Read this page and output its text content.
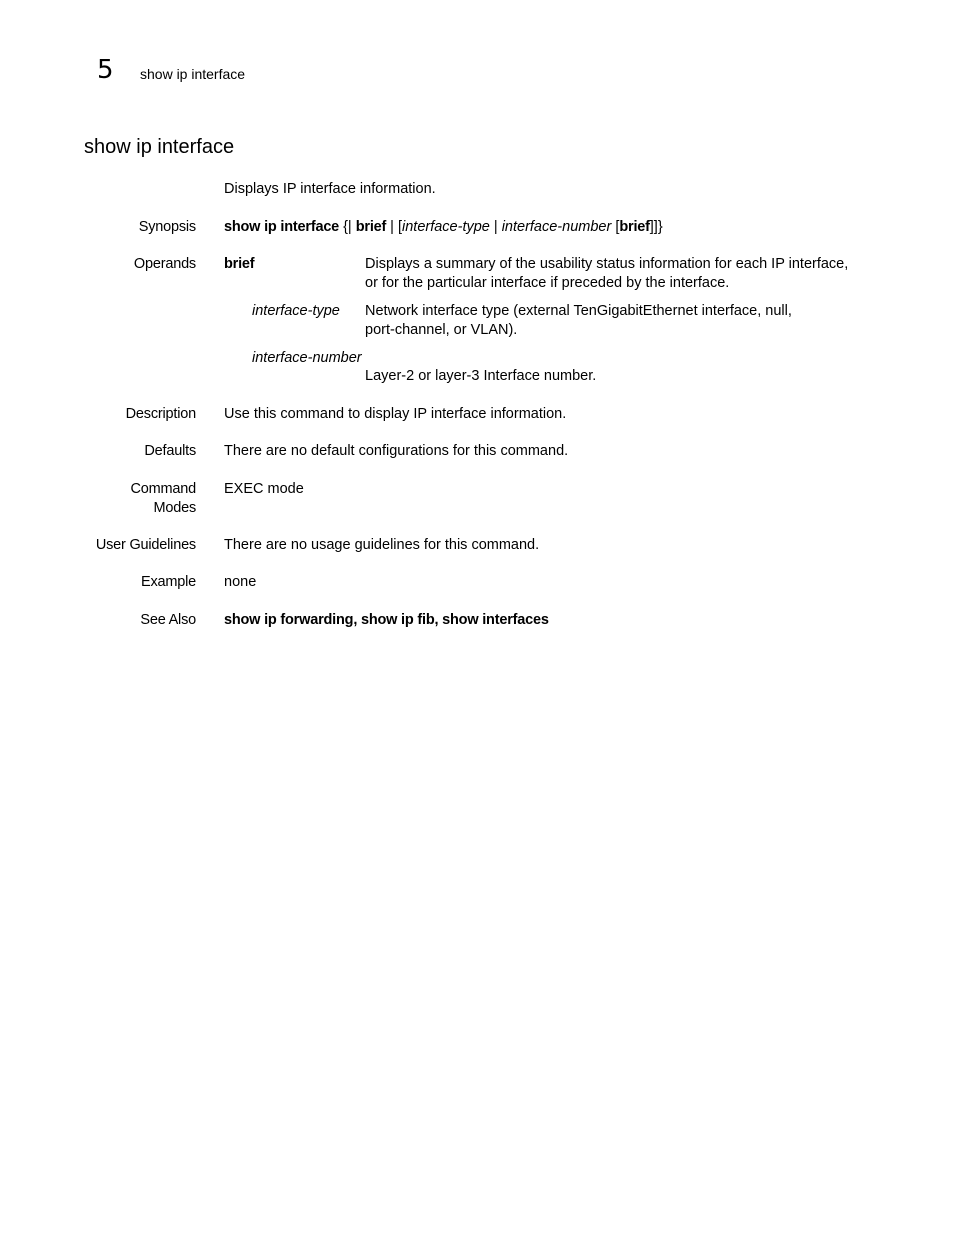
5 show ip interface
show ip interface
Displays IP interface information.
Synopsis show ip interface {| brief | [interface-type | interface-number [brief]]}
Operands brief	Displays a summary of the usability status information for each IP interface,
or for the particular interface if preceded by the interface.
interface-type Network interface type (external TenGigabitEthernet interface, null,
port-channel, or VLAN).
interface-number
Layer-2 or layer-3 Interface number.
Description Use this command to display IP interface information.
Defaults There are no default configurations for this command.
Command
Modes
EXEC mode
User Guidelines There are no usage guidelines for this command.
Example none
See Also show ip forwarding, show ip fib, show interfaces
